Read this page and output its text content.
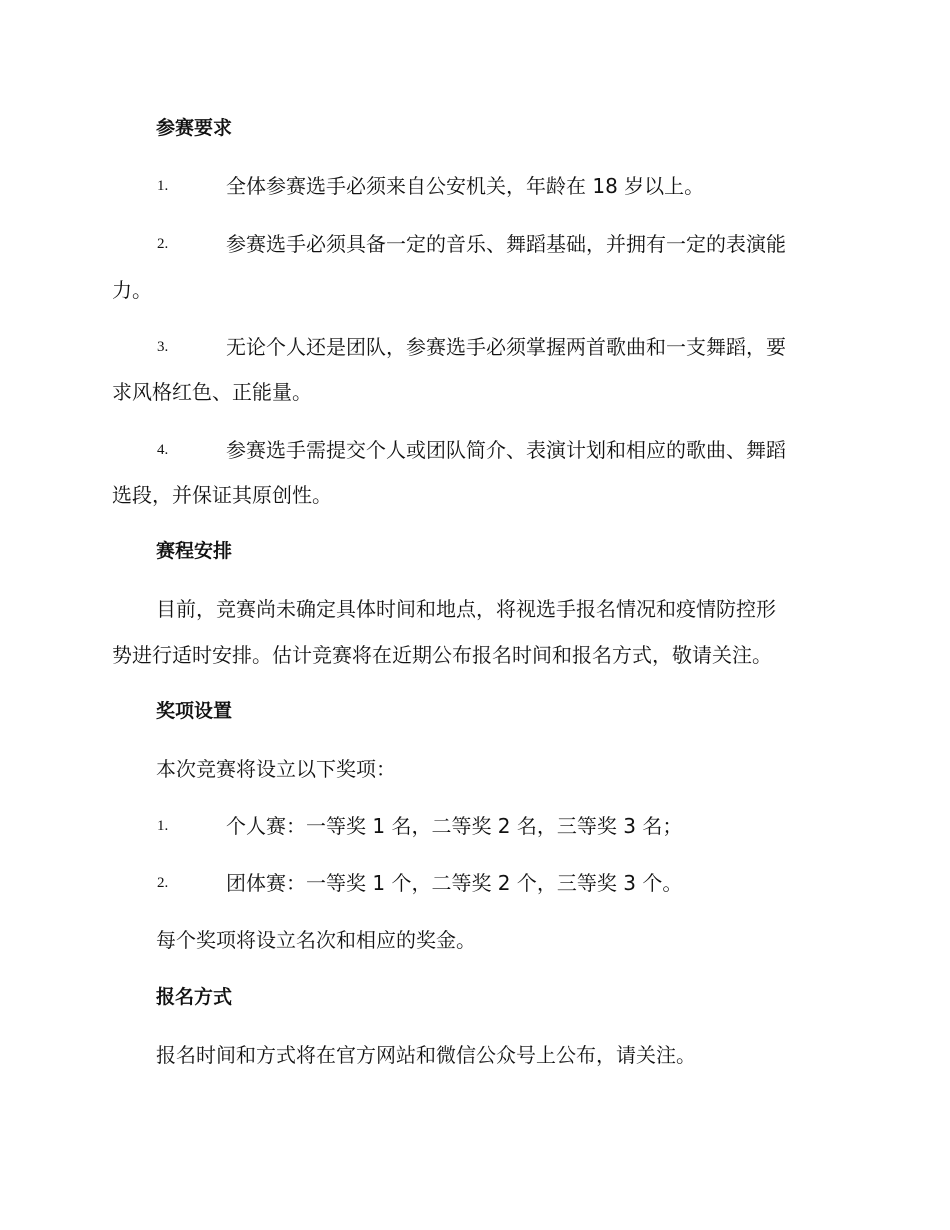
参赛要求
1.	全体参赛选手必须来自公安机关，年龄在 18 岁以上。
2.	参赛选手必须具备一定的音乐、舞蹈基础，并拥有一定的表演能
力。
3.	无论个人还是团队，参赛选手必须掌握两首歌曲和一支舞蹈，要
求风格红色、正能量。
4.	参赛选手需提交个人或团队简介、表演计划和相应的歌曲、舞蹈
选段，并保证其原创性。
赛程安排
目前，竞赛尚未确定具体时间和地点，将视选手报名情况和疫情防控形
势进行适时安排。估计竞赛将在近期公布报名时间和报名方式，敬请关注。
奖项设置
本次竞赛将设立以下奖项：
1.	个人赛：一等奖 1 名，二等奖 2 名，三等奖 3 名；
2.	团体赛：一等奖 1 个，二等奖 2 个，三等奖 3 个。
每个奖项将设立名次和相应的奖金。
报名方式
报名时间和方式将在官方网站和微信公众号上公布，请关注。
